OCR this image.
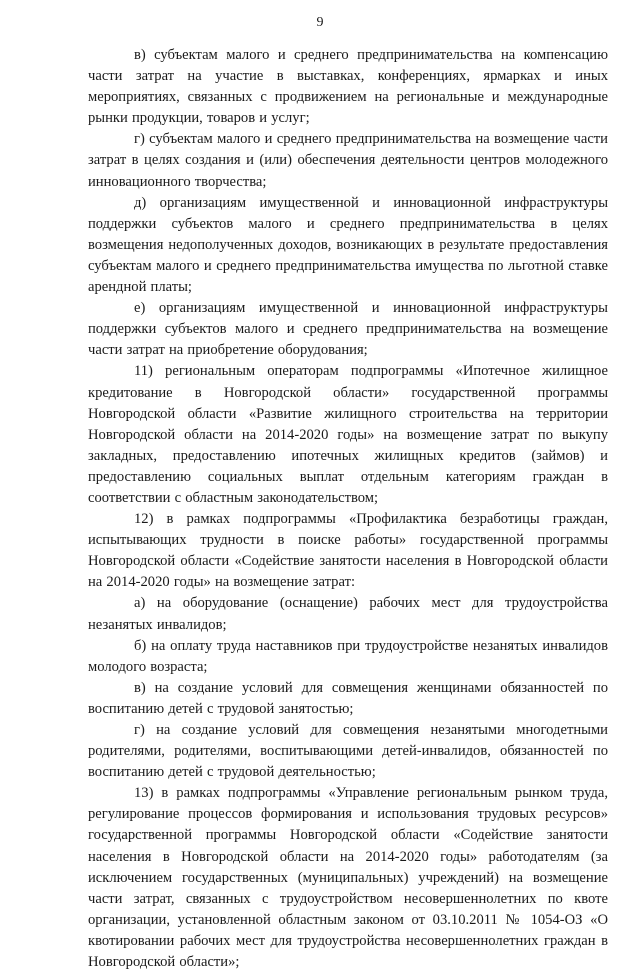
9

в) субъектам малого и среднего предпринимательства на компенсацию части затрат на участие в выставках, конференциях, ярмарках и иных мероприятиях, связанных с продвижением на региональные и международные рынки продукции, товаров и услуг;

г) субъектам малого и среднего предпринимательства на возмещение части затрат в целях создания и (или) обеспечения деятельности центров молодежного инновационного творчества;

д) организациям имущественной и инновационной инфраструктуры поддержки субъектов малого и среднего предпринимательства в целях возмещения недополученных доходов, возникающих в результате предоставления субъектам малого и среднего предпринимательства имущества по льготной ставке арендной платы;

е) организациям имущественной и инновационной инфраструктуры поддержки субъектов малого и среднего предпринимательства на возмещение части затрат на приобретение оборудования;

11) региональным операторам подпрограммы «Ипотечное жилищное кредитование в Новгородской области» государственной программы Новгородской области «Развитие жилищного строительства на территории Новгородской области на 2014-2020 годы» на возмещение затрат по выкупу закладных, предоставлению ипотечных жилищных кредитов (займов) и предоставлению социальных выплат отдельным категориям граждан в соответствии с областным законодательством;

12) в рамках подпрограммы «Профилактика безработицы граждан, испытывающих трудности в поиске работы» государственной программы Новгородской области «Содействие занятости населения в Новгородской области на 2014-2020 годы» на возмещение затрат:

а) на оборудование (оснащение) рабочих мест для трудоустройства незанятых инвалидов;

б) на оплату труда наставников при трудоустройстве незанятых инвалидов молодого возраста;

в) на создание условий для совмещения женщинами обязанностей по воспитанию детей с трудовой занятостью;

г) на создание условий для совмещения незанятыми многодетными родителями, родителями, воспитывающими детей-инвалидов, обязанностей по воспитанию детей с трудовой деятельностью;

13) в рамках подпрограммы «Управление региональным рынком труда, регулирование процессов формирования и использования трудовых ресурсов» государственной программы Новгородской области «Содействие занятости населения в Новгородской области на 2014-2020 годы» работодателям (за исключением государственных (муниципальных) учреждений) на возмещение части затрат, связанных с трудоустройством несовершеннолетних по квоте организации, установленной областным законом от 03.10.2011 № 1054-ОЗ «О квотировании рабочих мест для трудоустройства несовершеннолетних граждан в Новгородской области»;
